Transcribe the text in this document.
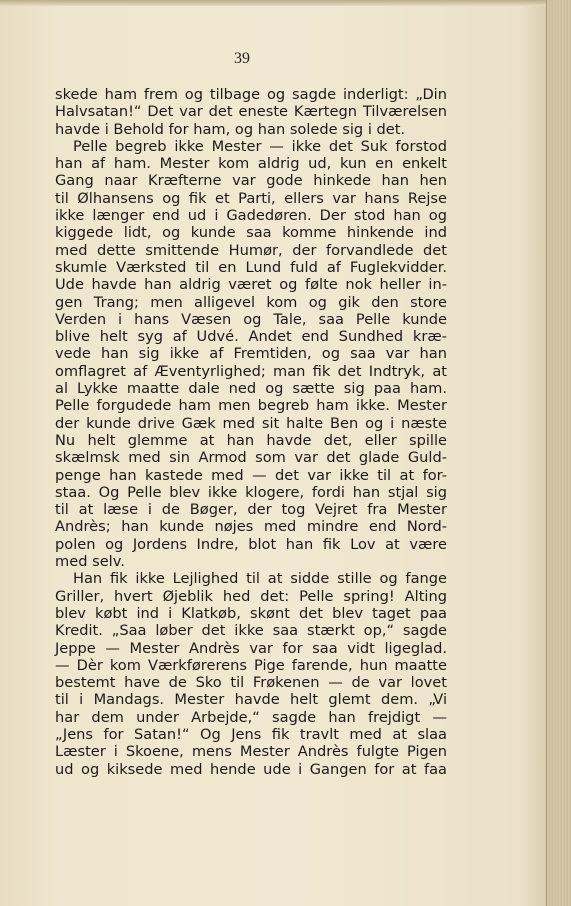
39
skede ham frem og tilbage og sagde inderligt: „Din
Halvsatan!“ Det var det eneste Kærtegn Tilværelsen
havde i Behold for ham, og han solede sig i det.
Pelle begreb ikke Mester — ikke det Suk forstod
han af ham. Mester kom aldrig ud, kun en enkelt
Gang naar Kræfterne var gode hinkede han hen
til Ølhansens og fik et Parti, ellers var hans Rejse
ikke længer end ud i Gadedøren. Der stod han og
kiggede lidt, og kunde saa komme hinkende ind
med dette smittende Humør, der forvandlede det
skumle Værksted til en Lund fuld af Fuglekvidder.
Ude havde han aldrig været og følte nok heller in-
gen Trang; men alligevel kom og gik den store
Verden i hans Væsen og Tale, saa Pelle kunde
blive helt syg af Udvé. Andet end Sundhed kræ-
vede han sig ikke af Fremtiden, og saa var han
omflagret af Æventyrlighed; man fik det Indtryk, at
al Lykke maatte dale ned og sætte sig paa ham.
Pelle forgudede ham men begreb ham ikke. Mester
der kunde drive Gæk med sit halte Ben og i næste
Nu helt glemme at han havde det, eller spille
skælmsk med sin Armod som var det glade Guld-
penge han kastede med — det var ikke til at for-
staa. Og Pelle blev ikke klogere, fordi han stjal sig
til at læse i de Bøger, der tog Vejret fra Mester
Andrès; han kunde nøjes med mindre end Nord-
polen og Jordens Indre, blot han fik Lov at være
med selv.
Han fik ikke Lejlighed til at sidde stille og fange
Griller, hvert Øjeblik hed det: Pelle spring! Alting
blev købt ind i Klatkøb, skønt det blev taget paa
Kredit. „Saa løber det ikke saa stærkt op,“ sagde
Jeppe — Mester Andrès var for saa vidt ligeglad.
— Dèr kom Værkførerens Pige farende, hun maatte
bestemt have de Sko til Frøkenen — de var lovet
til i Mandags. Mester havde helt glemt dem. „Vi
har dem under Arbejde,“ sagde han frejdigt —
„Jens for Satan!“ Og Jens fik travlt med at slaa
Læster i Skoene, mens Mester Andrès fulgte Pigen
ud og kiksede med hende ude i Gangen for at faa
